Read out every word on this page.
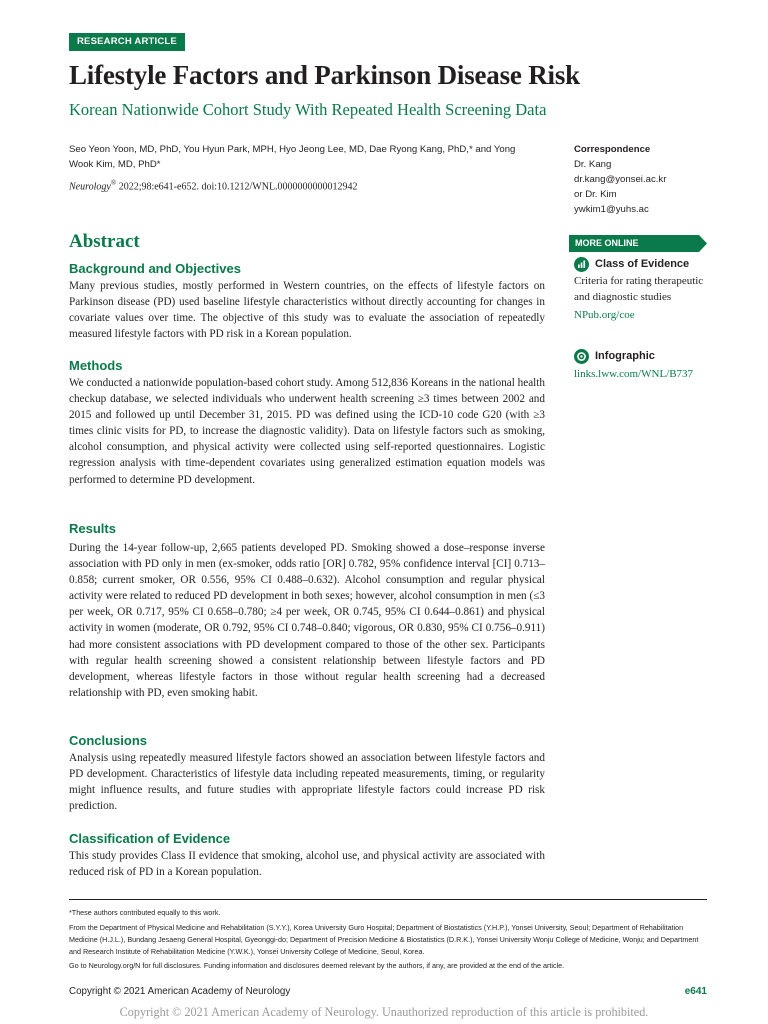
RESEARCH ARTICLE
Lifestyle Factors and Parkinson Disease Risk
Korean Nationwide Cohort Study With Repeated Health Screening Data
Seo Yeon Yoon, MD, PhD, You Hyun Park, MPH, Hyo Jeong Lee, MD, Dae Ryong Kang, PhD,* and Yong Wook Kim, MD, PhD*
Neurology® 2022;98:e641-e652. doi:10.1212/WNL.0000000000012942
Correspondence
Dr. Kang
dr.kang@yonsei.ac.kr
or Dr. Kim
ywkim1@yuhs.ac
MORE ONLINE
Class of Evidence
Criteria for rating therapeutic and diagnostic studies
NPub.org/coe
Infographic
links.lww.com/WNL/B737
Abstract
Background and Objectives

Many previous studies, mostly performed in Western countries, on the effects of lifestyle factors on Parkinson disease (PD) used baseline lifestyle characteristics without directly accounting for changes in covariate values over time. The objective of this study was to evaluate the association of repeatedly measured lifestyle factors with PD risk in a Korean population.

Methods

We conducted a nationwide population-based cohort study. Among 512,836 Koreans in the national health checkup database, we selected individuals who underwent health screening ≥3 times between 2002 and 2015 and followed up until December 31, 2015. PD was defined using the ICD-10 code G20 (with ≥3 times clinic visits for PD, to increase the diagnostic validity). Data on lifestyle factors such as smoking, alcohol consumption, and physical activity were collected using self-reported questionnaires. Logistic regression analysis with time-dependent covariates using generalized estimation equation models was performed to determine PD development.

Results

During the 14-year follow-up, 2,665 patients developed PD. Smoking showed a dose–response inverse association with PD only in men (ex-smoker, odds ratio [OR] 0.782, 95% confidence interval [CI] 0.713–0.858; current smoker, OR 0.556, 95% CI 0.488–0.632). Alcohol consumption and regular physical activity were related to reduced PD development in both sexes; however, alcohol consumption in men (≤3 per week, OR 0.717, 95% CI 0.658–0.780; ≥4 per week, OR 0.745, 95% CI 0.644–0.861) and physical activity in women (moderate, OR 0.792, 95% CI 0.748–0.840; vigorous, OR 0.830, 95% CI 0.756–0.911) had more consistent associations with PD development compared to those of the other sex. Participants with regular health screening showed a consistent relationship between lifestyle factors and PD development, whereas lifestyle factors in those without regular health screening had a decreased relationship with PD, even smoking habit.

Conclusions

Analysis using repeatedly measured lifestyle factors showed an association between lifestyle factors and PD development. Characteristics of lifestyle data including repeated measurements, timing, or regularity might influence results, and future studies with appropriate lifestyle factors could increase PD risk prediction.

Classification of Evidence

This study provides Class II evidence that smoking, alcohol use, and physical activity are associated with reduced risk of PD in a Korean population.

*These authors contributed equally to this work.
From the Department of Physical Medicine and Rehabilitation (S.Y.Y.), Korea University Guro Hospital; Department of Biostatistics (Y.H.P.), Yonsei University, Seoul; Department of Rehabilitation Medicine (H.J.L.), Bundang Jesaeng General Hospital, Gyeonggi-do; Department of Precision Medicine & Biostatistics (D.R.K.), Yonsei University Wonju College of Medicine, Wonju; and Department and Research Institute of Rehabilitation Medicine (Y.W.K.), Yonsei University College of Medicine, Seoul, Korea.
Go to Neurology.org/N for full disclosures. Funding information and disclosures deemed relevant by the authors, if any, are provided at the end of the article.
Copyright © 2021 American Academy of Neurology	e641
Copyright © 2021 American Academy of Neurology. Unauthorized reproduction of this article is prohibited.
